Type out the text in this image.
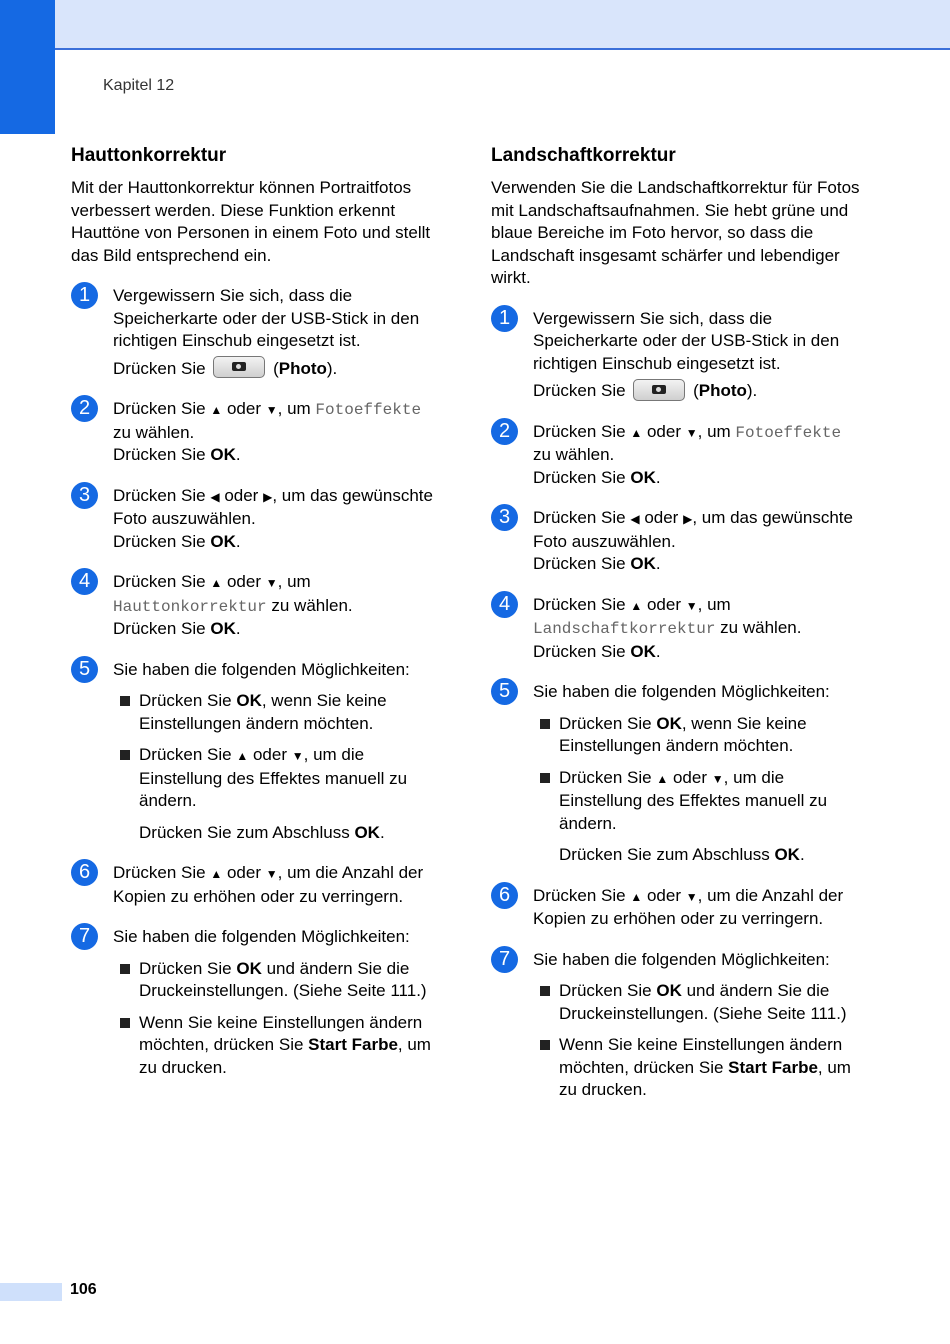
Kapitel 12
Hauttonkorrektur

Mit der Hauttonkorrektur können Portraitfotos verbessert werden. Diese Funktion erkennt Hauttöne von Personen in einem Foto und stellt das Bild entsprechend ein.

1	Vergewissern Sie sich, dass die Speicherkarte oder der USB-Stick in den richtigen Einschub eingesetzt ist.

Drücken Sie	(Photo).

2	Drücken Sie ▲ oder ▼, um Fotoeffekte zu wählen.
Drücken Sie OK.

3	Drücken Sie ◀ oder ▶, um das gewünschte Foto auszuwählen.
Drücken Sie OK.

4	Drücken Sie ▲ oder ▼, um Hauttonkorrektur zu wählen.
Drücken Sie OK.

5	Sie haben die folgenden Möglichkeiten:

Drücken Sie OK, wenn Sie keine Einstellungen ändern möchten.
Drücken Sie ▲ oder ▼, um die Einstellung des Effektes manuell zu ändern.
Drücken Sie zum Abschluss OK.
6	Drücken Sie ▲ oder ▼, um die Anzahl der Kopien zu erhöhen oder zu verringern.

7	Sie haben die folgenden Möglichkeiten:

Drücken Sie OK und ändern Sie die Druckeinstellungen. (Siehe Seite 111.)
Wenn Sie keine Einstellungen ändern möchten, drücken Sie Start Farbe, um zu drucken.
Landschaftkorrektur

Verwenden Sie die Landschaftkorrektur für Fotos mit Landschaftsaufnahmen. Sie hebt grüne und blaue Bereiche im Foto hervor, so dass die Landschaft insgesamt schärfer und lebendiger wirkt.

1	Vergewissern Sie sich, dass die Speicherkarte oder der USB-Stick in den richtigen Einschub eingesetzt ist.

Drücken Sie	(Photo).

2	Drücken Sie ▲ oder ▼, um Fotoeffekte zu wählen.
Drücken Sie OK.

3	Drücken Sie ◀ oder ▶, um das gewünschte Foto auszuwählen.
Drücken Sie OK.

4	Drücken Sie ▲ oder ▼, um Landschaftkorrektur zu wählen.
Drücken Sie OK.

5	Sie haben die folgenden Möglichkeiten:

Drücken Sie OK, wenn Sie keine Einstellungen ändern möchten.
Drücken Sie ▲ oder ▼, um die Einstellung des Effektes manuell zu ändern.
Drücken Sie zum Abschluss OK.
6	Drücken Sie ▲ oder ▼, um die Anzahl der Kopien zu erhöhen oder zu verringern.

7	Sie haben die folgenden Möglichkeiten:

Drücken Sie OK und ändern Sie die Druckeinstellungen. (Siehe Seite 111.)
Wenn Sie keine Einstellungen ändern möchten, drücken Sie Start Farbe, um zu drucken.
106
